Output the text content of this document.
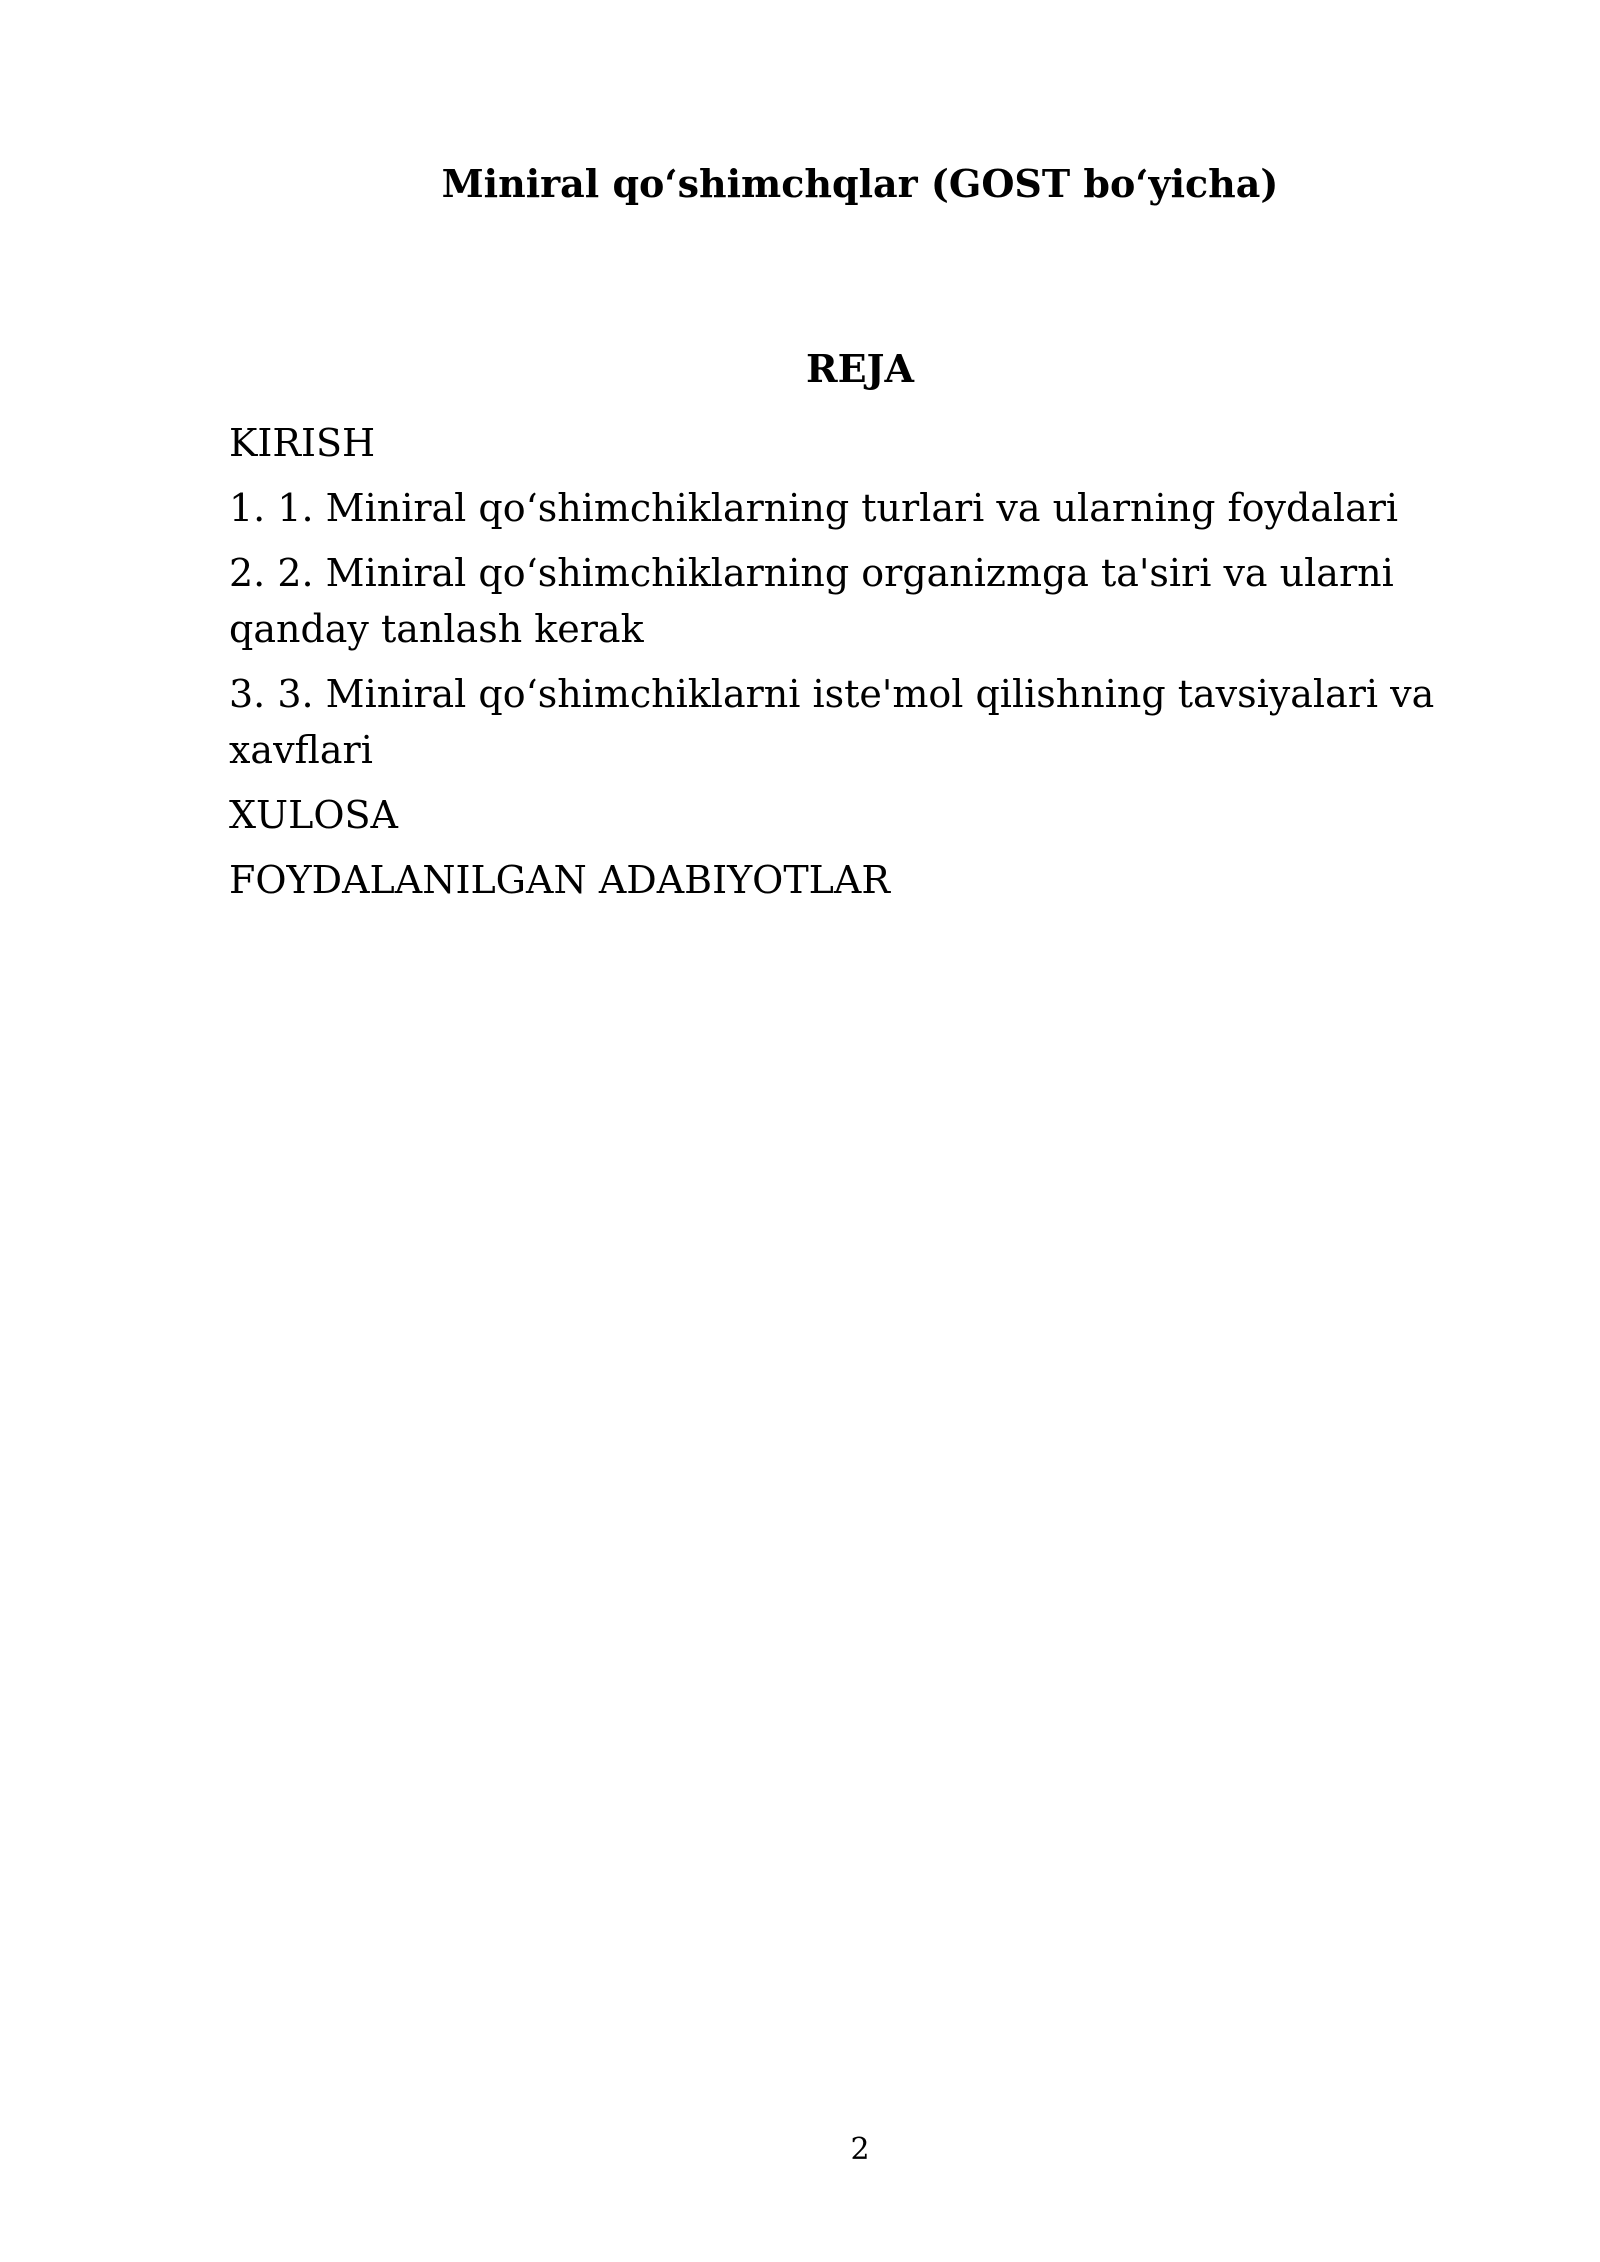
Miniral qo‘shimchqlar (GOST bo‘yicha)
REJA
KIRISH
1. 1. Miniral qo‘shimchiklarning turlari va ularning foydalari
2. 2. Miniral qo‘shimchiklarning organizmga ta'siri va ularni qanday tanlash kerak
3. 3. Miniral qo‘shimchiklarni iste'mol qilishning tavsiyalari va xavflari
XULOSA
FOYDALANILGAN ADABIYOTLAR
2
